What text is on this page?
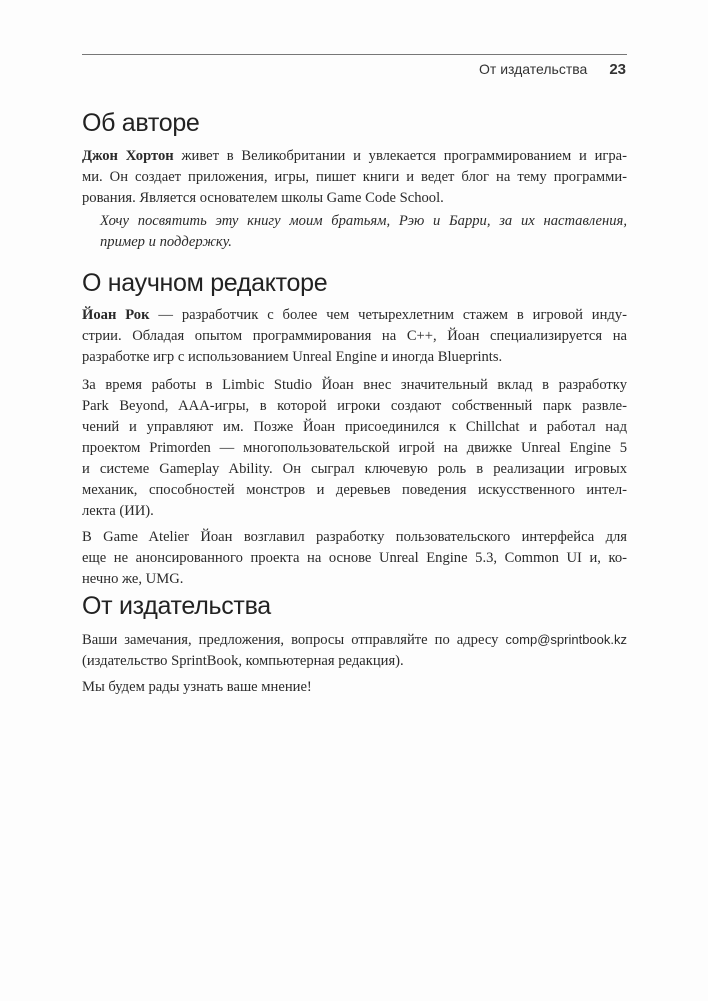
От издательства 23
Об авторе
Джон Хортон живет в Великобритании и увлекается программированием и игра-
ми. Он создает приложения, игры, пишет книги и ведет блог на тему программи-
рования. Является основателем школы Game Code School.
Хочу посвятить эту книгу моим братьям, Рэю и Барри, за их наставления,
пример и поддержку.
О научном редакторе
Йоан Рок — разработчик с более чем четырехлетним стажем в игровой инду-
стрии. Обладая опытом программирования на C++, Йоан специализируется на
разработке игр с использованием Unreal Engine и иногда Blueprints.
За время работы в Limbic Studio Йоан внес значительный вклад в разработку
Park Beyond, AAA-игры, в которой игроки создают собственный парк развле-
чений и управляют им. Позже Йоан присоединился к Chillchat и работал над
проектом Primorden — многопользовательской игрой на движке Unreal Engine 5
и системе Gameplay Ability. Он сыграл ключевую роль в реализации игровых
механик, способностей монстров и деревьев поведения искусственного интел-
лекта (ИИ).
В Game Atelier Йоан возглавил разработку пользовательского интерфейса для
еще не анонсированного проекта на основе Unreal Engine 5.3, Common UI и, ко-
нечно же, UMG.
От издательства
Ваши замечания, предложения, вопросы отправляйте по адресу comp@sprintbook.kz
(издательство SprintBook, компьютерная редакция).
Мы будем рады узнать ваше мнение!
